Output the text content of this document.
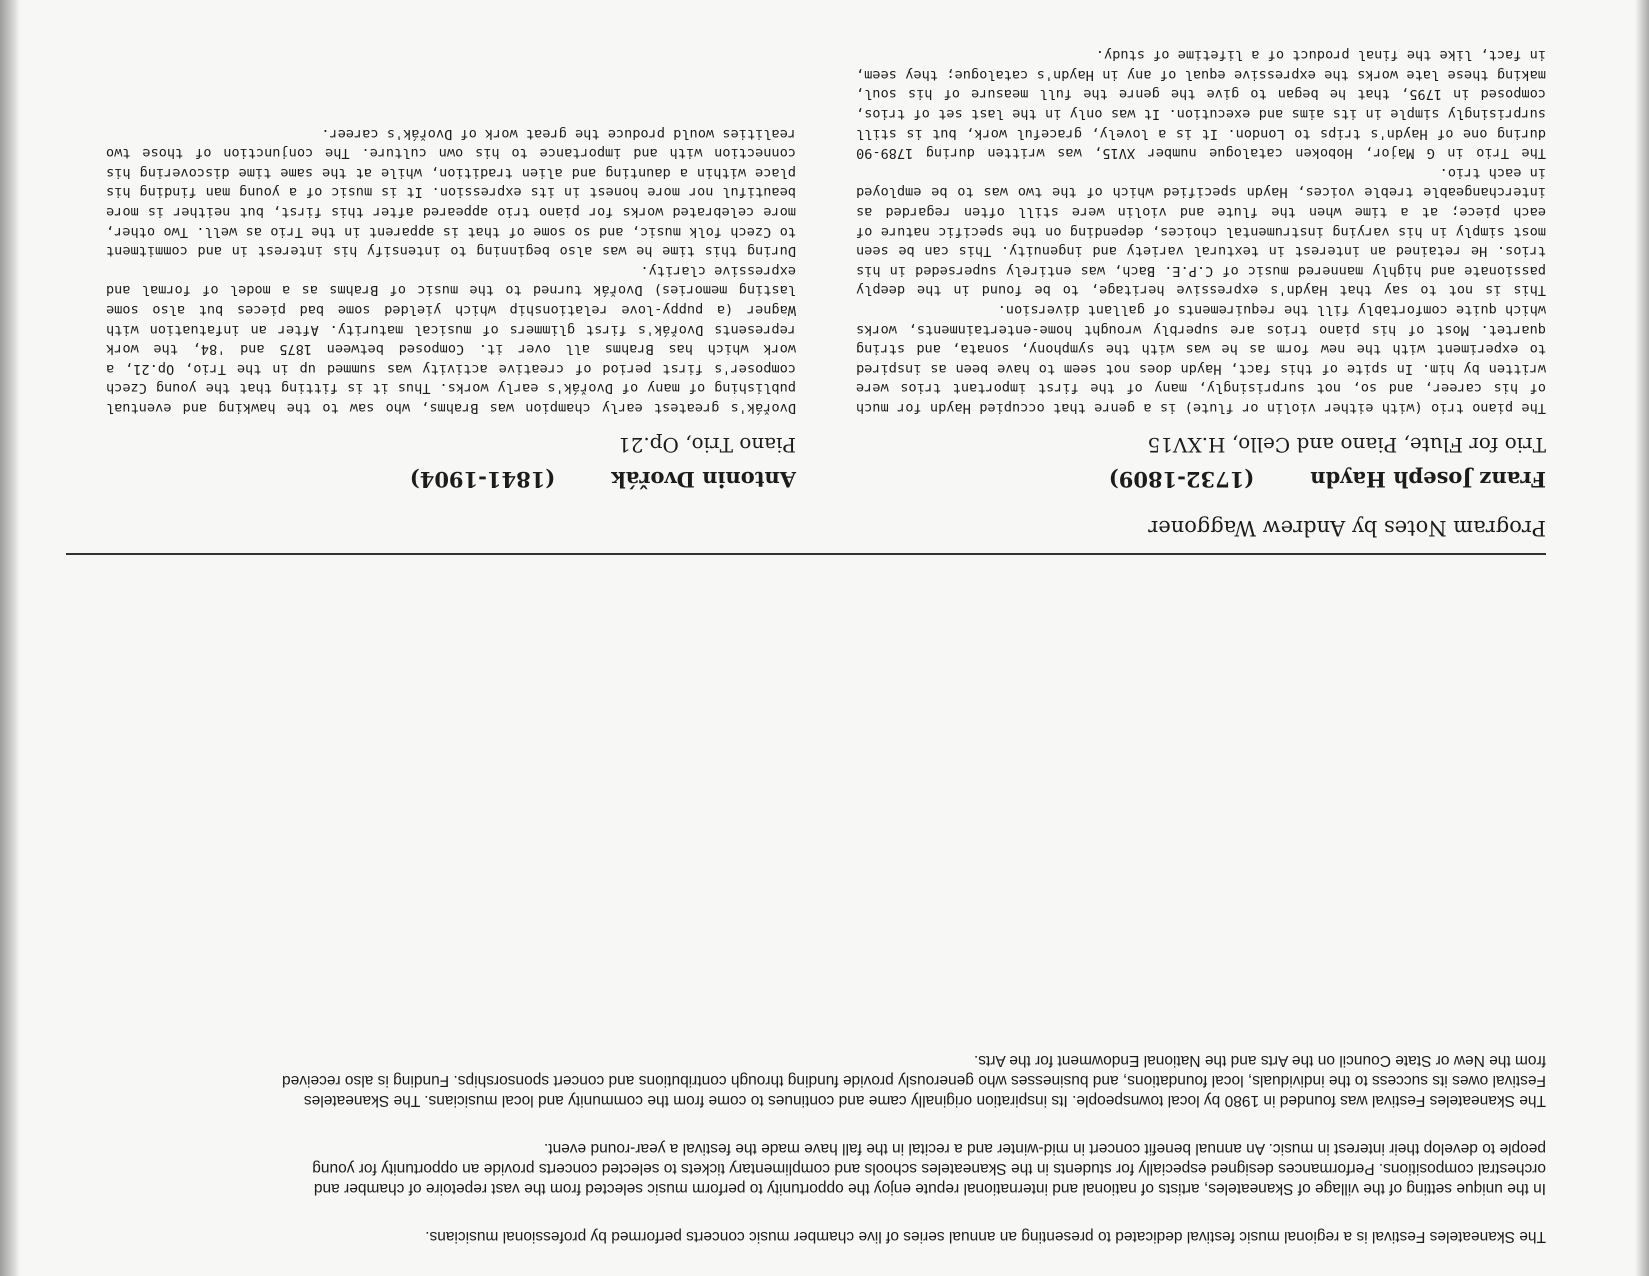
The Skaneateles Festival is a regional music festival dedicated to presenting an annual series of live chamber music concerts performed by professional musicians.

In the unique setting of the village of Skaneateles, artists of national and international repute enjoy the opportunity to perform music selected from the vast repetoire of chamber and orchestral compositions. Performances designed especially for students in the Skaneateles schools and complimentary tickets to selected concerts provide an opportunity for young people to develop their interest in music. An annual benefit concert in mid-winter and a recital in the fall have made the festival a year-round event.

The Skaneateles Festival was founded in 1980 by local townspeople. Its inspiration originally came and continues to come from the community and local musicians. The Skaneateles Festival owes its success to the individuals, local foundations, and businesses who generously provide funding through contributions and concert sponsorships. Funding is also received from the New or State Council on the Arts and the National Endowment for the Arts.

Program Notes by Andrew Waggoner
Franz Joseph Haydn(1732-1809)
Trio for Flute, Piano and Cello, H.XV15

The piano trio (with either violin or flute) is a genre that occupied Haydn for much of his career, and so, not surprisingly, many of the first important trios were written by him. In spite of this fact, Haydn does not seem to have been as inspired to experiment with the new form as he was with the symphony, sonata, and string quartet. Most of his piano trios are superbly wrought home-entertainments, works which quite comfortably fill the requirements of gallant diversion.

This is not to say that Haydn's expressive heritage, to be found in the deeply passionate and highly mannered music of C.P.E. Bach, was entirely superseded in his trios. He retained an interest in textural variety and ingenuity. This can be seen most simply in his varying instrumental choices, depending on the specific nature of each piece; at a time when the flute and violin were still often regarded as interchangeable treble voices, Haydn specified which of the two was to be employed in each trio.

The Trio in G Major, Hoboken catalogue number XV15, was written during 1789-90 during one of Haydn's trips to London. It is a lovely, graceful work, but is still surprisingly simple in its aims and execution. It was only in the last set of trios, composed in 1795, that he began to give the genre the full measure of his soul, making these late works the expressive equal of any in Haydn's catalogue; they seem, in fact, like the final product of a lifetime of study.

Antonin Dvořák(1841-1904)
Piano Trio, Op.21

Dvořák's greatest early champion was Brahms, who saw to the hawking and eventual publishing of many of Dvořák's early works. Thus it is fitting that the young Czech composer's first period of creative activity was summed up in the Trio, Op.21, a work which has Brahms all over it. Composed between 1875 and '84, the work represents Dvořák's first glimmers of musical maturity. After an infatuation with Wagner (a puppy-love relationship which yielded some bad pieces but also some lasting memories) Dvořák turned to the music of Brahms as a model of formal and expressive clarity.

During this time he was also beginning to intensify his interest in and commitment to Czech folk music, and so some of that is apparent in the Trio as well. Two other, more celebrated works for piano trio appeared after this first, but neither is more beautiful nor more honest in its expression. It is music of a young man finding his place within a daunting and alien tradition, while at the same time discovering his connection with and importance to his own culture. The conjunction of those two realities would produce the great work of Dvořák's career.
